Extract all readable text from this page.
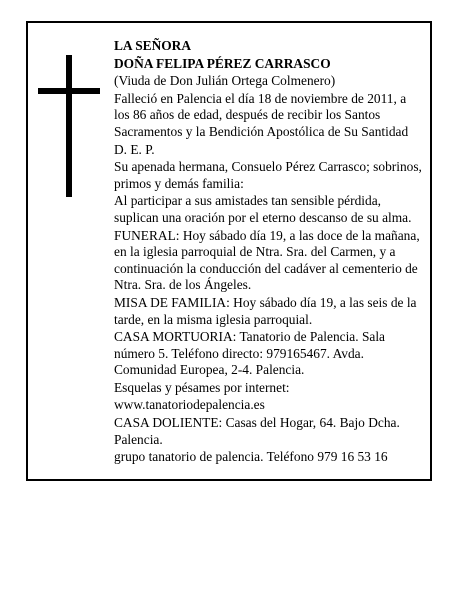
LA SEÑORA

DOÑA FELIPA PÉREZ CARRASCO

(Viuda de Don Julián Ortega Colmenero)

Falleció en Palencia el día 18 de noviembre de 2011, a los 86 años de edad, después de recibir los Santos Sacramentos y la Bendición Apostólica de Su Santidad

D. E. P.

Su apenada hermana, Consuelo Pérez Carrasco; sobrinos, primos y demás familia:

Al participar a sus amistades tan sensible pérdida, suplican una oración por el eterno descanso de su alma.

FUNERAL: Hoy sábado día 19, a las doce de la mañana, en la iglesia parroquial de Ntra. Sra. del Carmen, y a continuación la conducción del cadáver al cementerio de Ntra. Sra. de los Ángeles.

MISA DE FAMILIA: Hoy sábado día 19, a las seis de la tarde, en la misma iglesia parroquial.

CASA MORTUORIA: Tanatorio de Palencia. Sala número 5. Teléfono directo: 979165467. Avda. Comunidad Europea, 2-4. Palencia.

Esquelas y pésames por internet:

www.tanatoriodepalencia.es

CASA DOLIENTE: Casas del Hogar, 64. Bajo Dcha. Palencia.

grupo tanatorio de palencia. Teléfono 979 16 53 16
